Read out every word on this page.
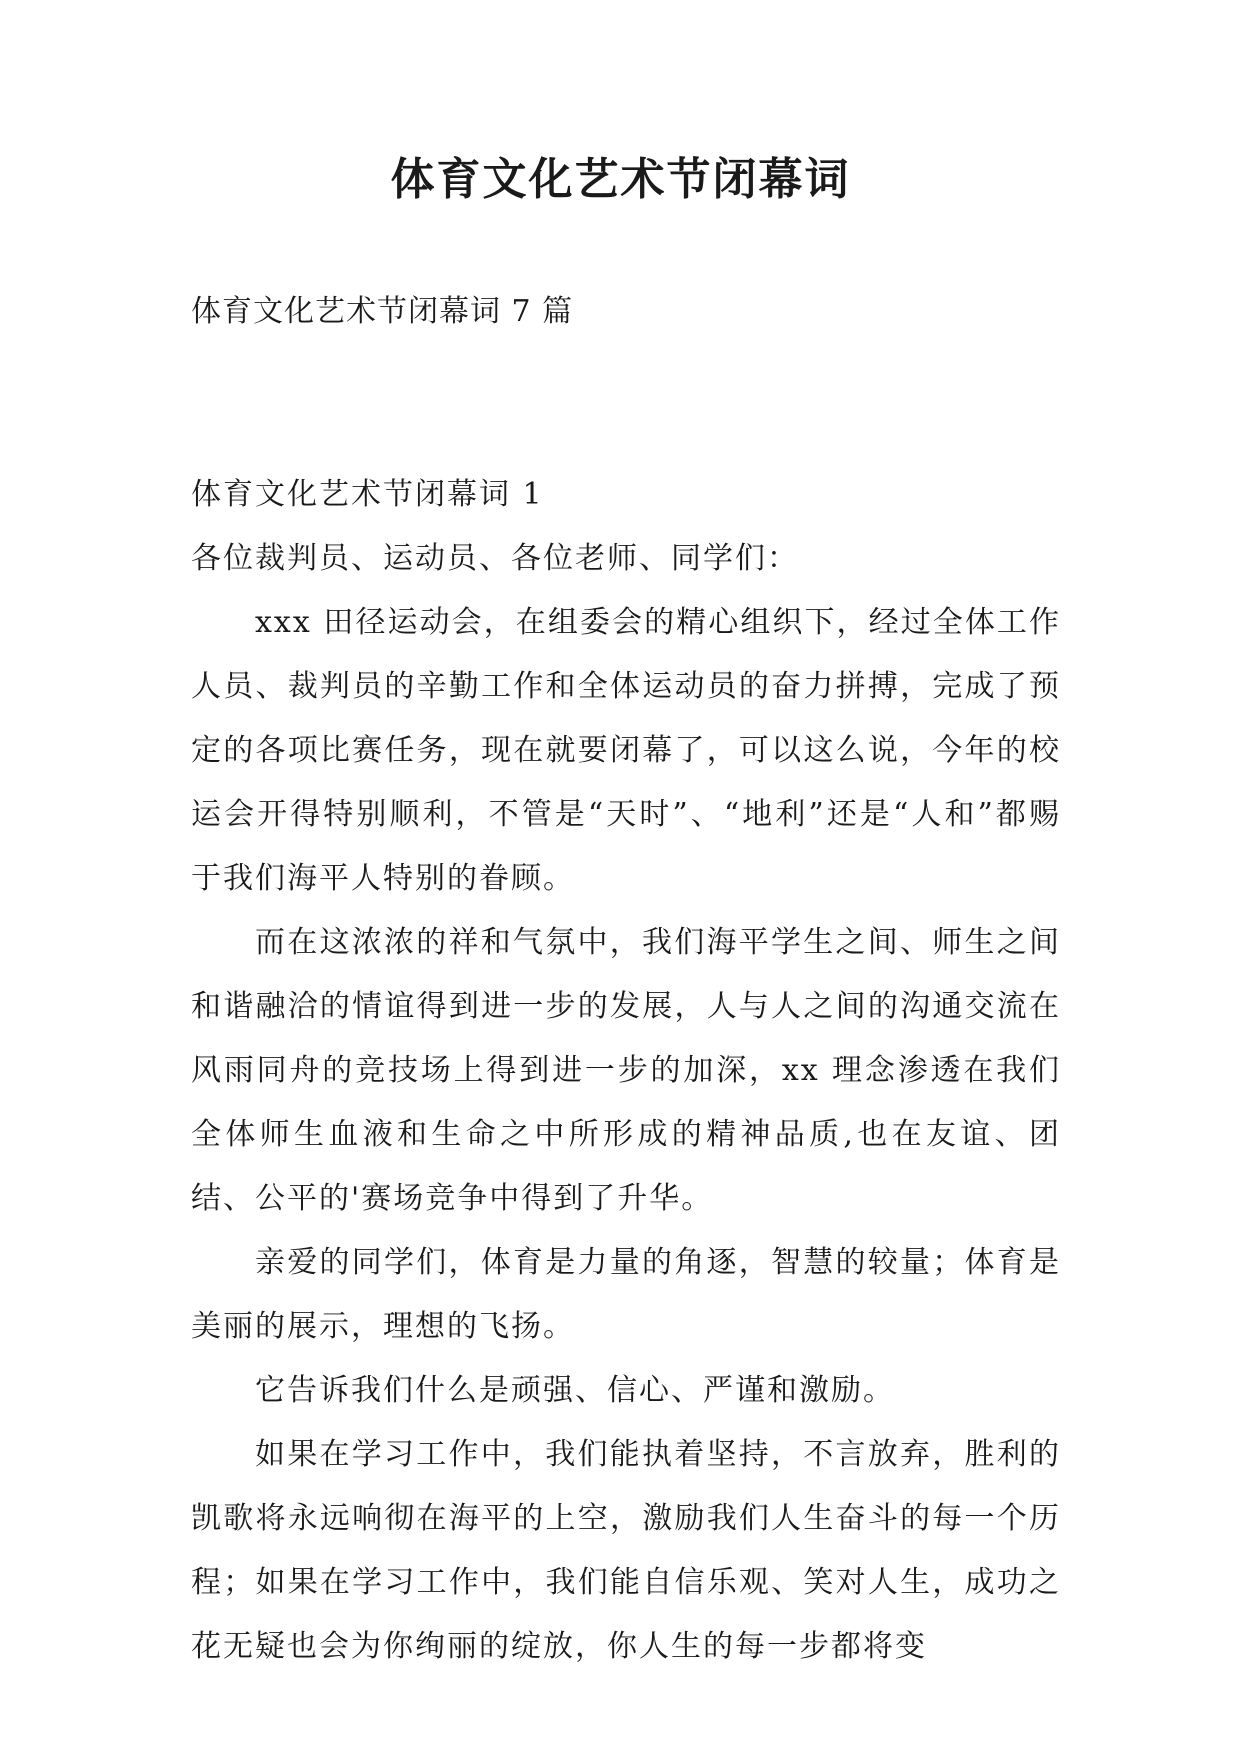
体育文化艺术节闭幕词

体育文化艺术节闭幕词 7 篇

体育文化艺术节闭幕词 1

各位裁判员、运动员、各位老师、同学们：

xxx 田径运动会，在组委会的精心组织下，经过全体工作人员、裁判员的辛勤工作和全体运动员的奋力拼搏，完成了预定的各项比赛任务，现在就要闭幕了，可以这么说，今年的校运会开得特别顺利，不管是“天时”、“地利”还是“人和”都赐于我们海平人特别的眷顾。

而在这浓浓的祥和气氛中，我们海平学生之间、师生之间和谐融洽的情谊得到进一步的发展，人与人之间的沟通交流在风雨同舟的竞技场上得到进一步的加深，xx 理念渗透在我们全体师生血液和生命之中所形成的精神品质,也在友谊、团结、公平的'赛场竞争中得到了升华。

亲爱的同学们，体育是力量的角逐，智慧的较量；体育是美丽的展示，理想的飞扬。

它告诉我们什么是顽强、信心、严谨和激励。

如果在学习工作中，我们能执着坚持，不言放弃，胜利的凯歌将永远响彻在海平的上空，激励我们人生奋斗的每一个历程；如果在学习工作中，我们能自信乐观、笑对人生，成功之花无疑也会为你绚丽的绽放，你人生的每一步都将变
